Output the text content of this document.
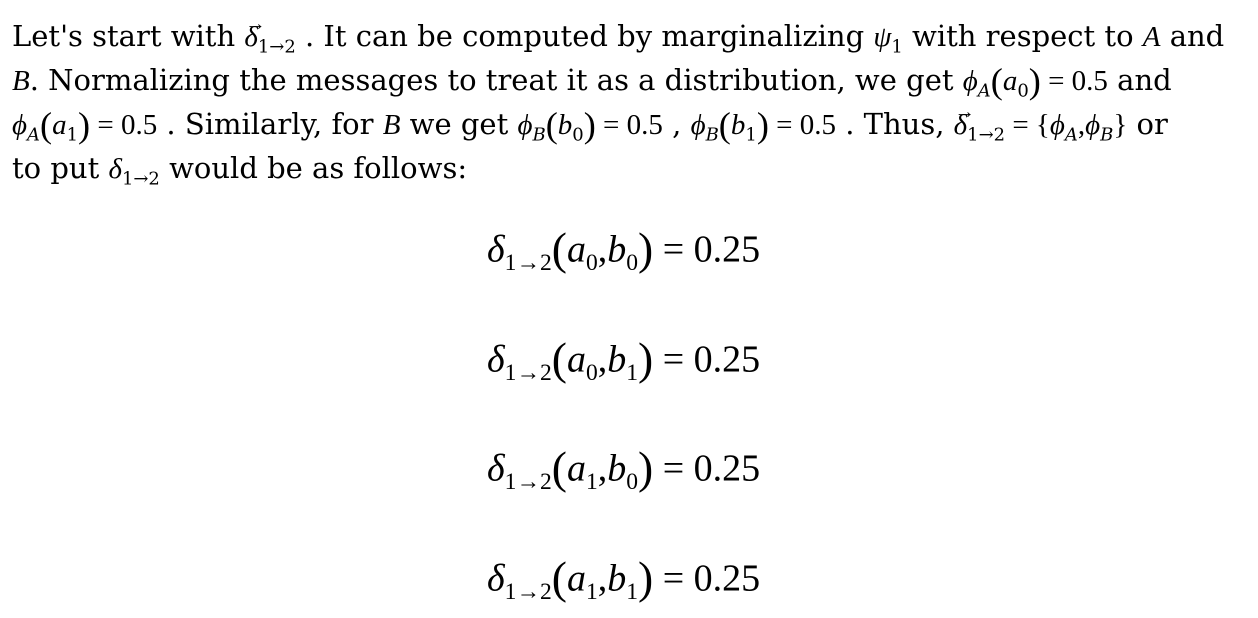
Let's start with → $\delta_{1\to 2}$ . It can be computed by marginalizing $\psi_1$ with respect to A and
B. Normalizing the messages to treat it as a distribution, we get $\phi_A(a_0) = 0.5$ and
$\phi_A(a_1) = 0.5$ . Similarly, for B we get $\phi_B(b_0) = 0.5$ , $\phi_B(b_1) = 0.5$ . Thus, → $\delta_{1\to 2} = \{\phi_A,\phi_B\}$ or
to put $\delta_{1\to 2}$ would be as follows:
$\delta_{1\to 2}(a_0,b_0) = 0.25$
$\delta_{1\to 2}(a_0,b_1) = 0.25$
$\delta_{1\to 2}(a_1,b_0) = 0.25$
$\delta_{1\to 2}(a_1,b_1) = 0.25$
